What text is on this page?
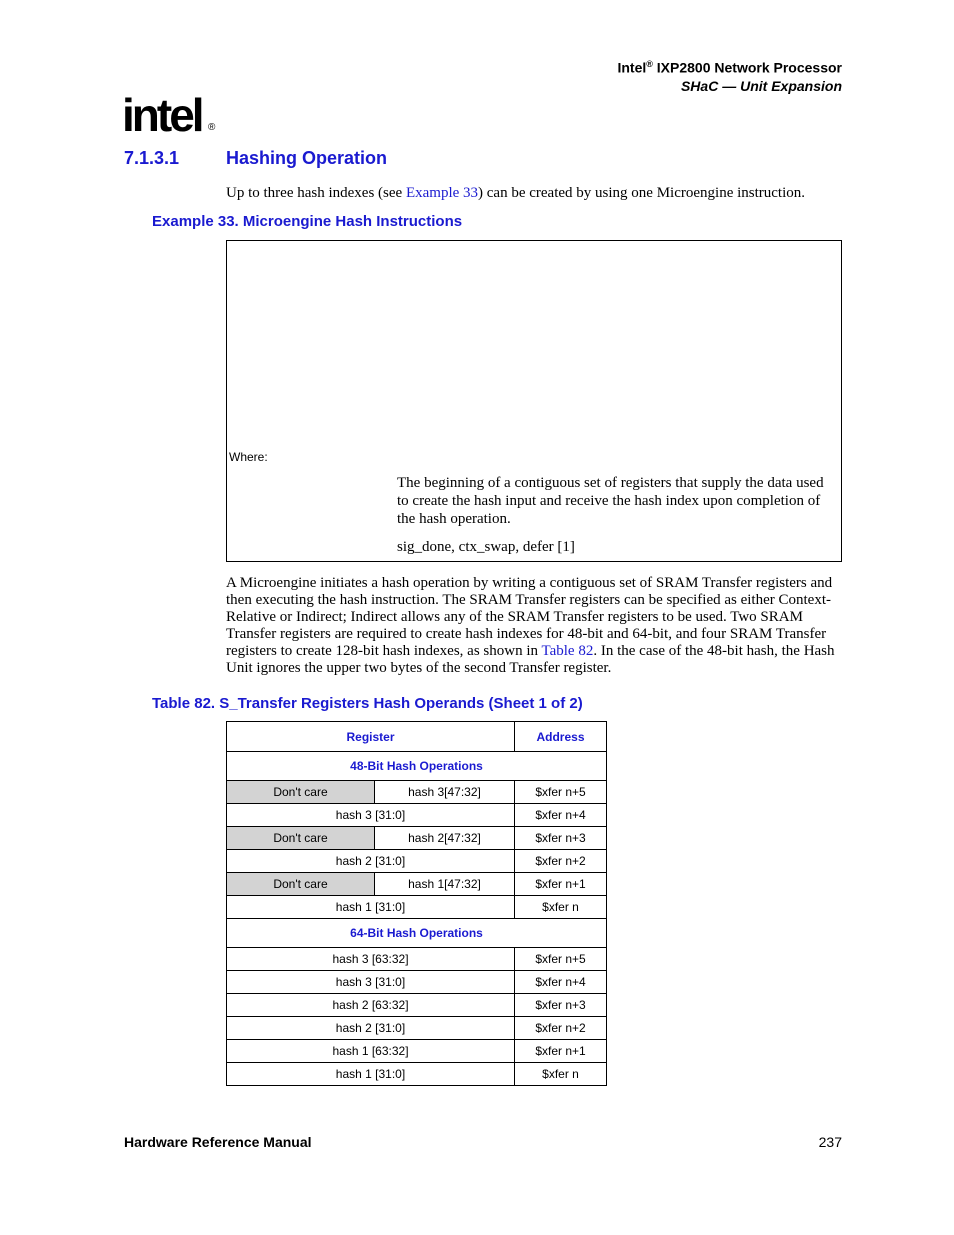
Intel® IXP2800 Network Processor
SHaC — Unit Expansion
intel ®
7.1.3.1	Hashing Operation
Up to three hash indexes (see Example 33) can be created by using one Microengine instruction.
Example 33. Microengine Hash Instructions
Where:
The beginning of a contiguous set of registers that supply the data used to create the hash input and receive the hash index upon completion of the hash operation.
sig_done, ctx_swap, defer [1]
A Microengine initiates a hash operation by writing a contiguous set of SRAM Transfer registers and then executing the hash instruction. The SRAM Transfer registers can be specified as either Context-Relative or Indirect; Indirect allows any of the SRAM Transfer registers to be used. Two SRAM Transfer registers are required to create hash indexes for 48-bit and 64-bit, and four SRAM Transfer registers to create 128-bit hash indexes, as shown in Table 82. In the case of the 48-bit hash, the Hash Unit ignores the upper two bytes of the second Transfer register.
Table 82. S_Transfer Registers Hash Operands (Sheet 1 of 2)
Register		Address
48-Bit Hash Operations		
Don't care	hash 3[47:32]	$xfer n+5
hash 3 [31:0]		$xfer n+4
Don't care	hash 2[47:32]	$xfer n+3
hash 2 [31:0]		$xfer n+2
Don't care	hash 1[47:32]	$xfer n+1
hash 1 [31:0]		$xfer n
64-Bit Hash Operations		
hash 3 [63:32]		$xfer n+5
hash 3 [31:0]		$xfer n+4
hash 2 [63:32]		$xfer n+3
hash 2 [31:0]		$xfer n+2
hash 1 [63:32]		$xfer n+1
hash 1 [31:0]		$xfer n
Hardware Reference Manual	237
